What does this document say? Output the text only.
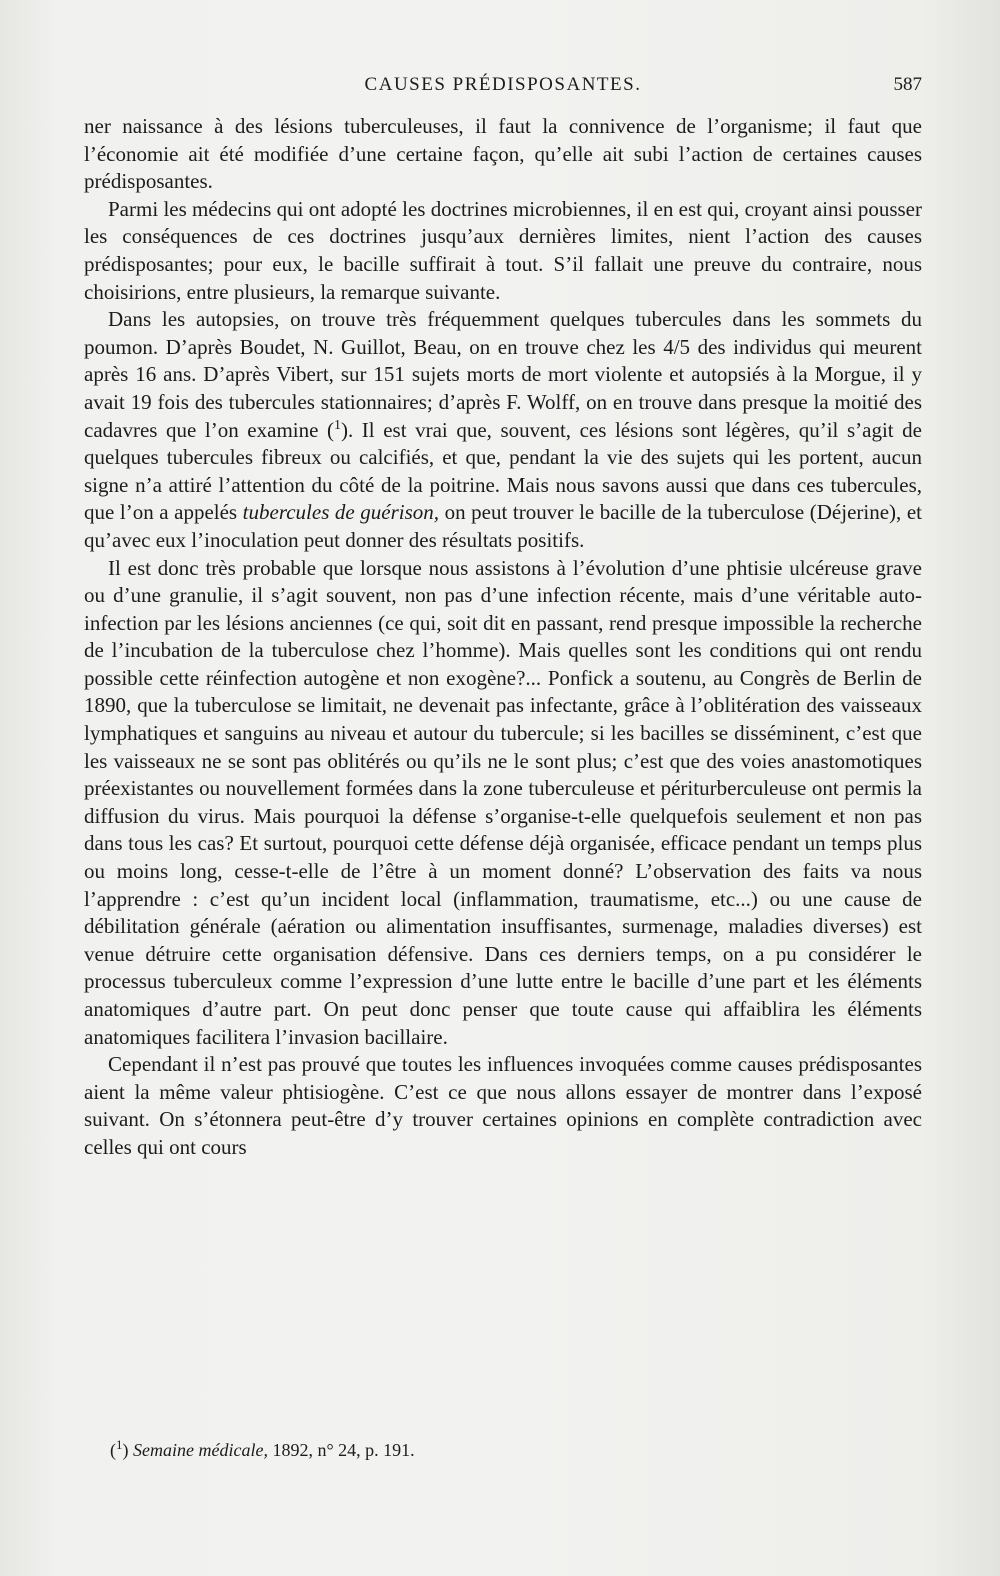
CAUSES PRÉDISPOSANTES.	587

ner naissance à des lésions tuberculeuses, il faut la connivence de l’organisme; il faut que l’économie ait été modifiée d’une certaine façon, qu’elle ait subi l’action de certaines causes prédisposantes.

Parmi les médecins qui ont adopté les doctrines microbiennes, il en est qui, croyant ainsi pousser les conséquences de ces doctrines jusqu’aux dernières limites, nient l’action des causes prédisposantes; pour eux, le bacille suffirait à tout. S’il fallait une preuve du contraire, nous choisirions, entre plusieurs, la remarque suivante.

Dans les autopsies, on trouve très fréquemment quelques tubercules dans les sommets du poumon. D’après Boudet, N. Guillot, Beau, on en trouve chez les 4/5 des individus qui meurent après 16 ans. D’après Vibert, sur 151 sujets morts de mort violente et autopsiés à la Morgue, il y avait 19 fois des tubercules stationnaires; d’après F. Wolff, on en trouve dans presque la moitié des cadavres que l’on examine ($^1$). Il est vrai que, souvent, ces lésions sont légères, qu’il s’agit de quelques tubercules fibreux ou calcifiés, et que, pendant la vie des sujets qui les portent, aucun signe n’a attiré l’attention du côté de la poitrine. Mais nous savons aussi que dans ces tubercules, que l’on a appelés tubercules de guérison, on peut trouver le bacille de la tuberculose (Déjerine), et qu’avec eux l’inoculation peut donner des résultats positifs.

Il est donc très probable que lorsque nous assistons à l’évolution d’une phtisie ulcéreuse grave ou d’une granulie, il s’agit souvent, non pas d’une infection récente, mais d’une véritable auto-infection par les lésions anciennes (ce qui, soit dit en passant, rend presque impossible la recherche de l’incubation de la tuberculose chez l’homme). Mais quelles sont les conditions qui ont rendu possible cette réinfection autogène et non exogène?... Ponfick a soutenu, au Congrès de Berlin de 1890, que la tuberculose se limitait, ne devenait pas infectante, grâce à l’oblitération des vaisseaux lymphatiques et sanguins au niveau et autour du tubercule; si les bacilles se disséminent, c’est que les vaisseaux ne se sont pas oblitérés ou qu’ils ne le sont plus; c’est que des voies anastomotiques préexistantes ou nouvellement formées dans la zone tuberculeuse et périturberculeuse ont permis la diffusion du virus. Mais pourquoi la défense s’organise-t-elle quelquefois seulement et non pas dans tous les cas? Et surtout, pourquoi cette défense déjà organisée, efficace pendant un temps plus ou moins long, cesse-t-elle de l’être à un moment donné? L’observation des faits va nous l’apprendre : c’est qu’un incident local (inflammation, traumatisme, etc...) ou une cause de débilitation générale (aération ou alimentation insuffisantes, surmenage, maladies diverses) est venue détruire cette organisation défensive. Dans ces derniers temps, on a pu considérer le processus tuberculeux comme l’expression d’une lutte entre le bacille d’une part et les éléments anatomiques d’autre part. On peut donc penser que toute cause qui affaiblira les éléments anatomiques facilitera l’invasion bacillaire.

Cependant il n’est pas prouvé que toutes les influences invoquées comme causes prédisposantes aient la même valeur phtisiogène. C’est ce que nous allons essayer de montrer dans l’exposé suivant. On s’étonnera peut-être d’y trouver certaines opinions en complète contradiction avec celles qui ont cours

($^1$) Semaine médicale, 1892, n° 24, p. 191.
